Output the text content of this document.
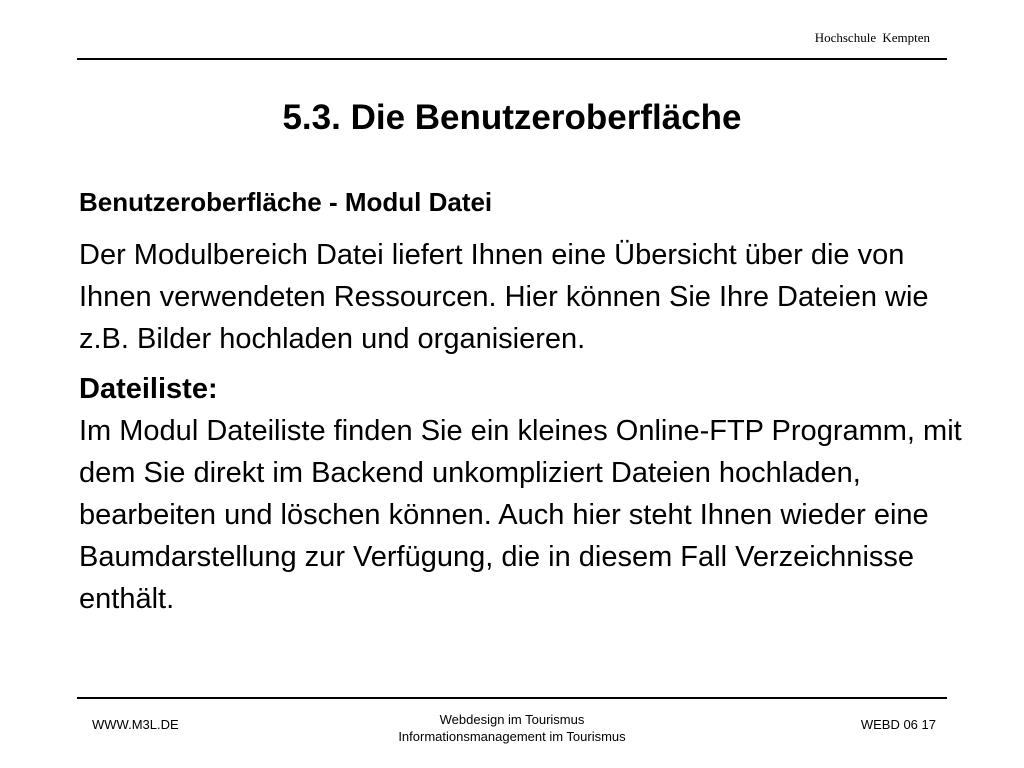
Hochschule Kempten
5.3. Die Benutzeroberfläche

Benutzeroberfläche - Modul Datei

Der Modulbereich Datei liefert Ihnen eine Übersicht über die von Ihnen verwendeten Ressourcen. Hier können Sie Ihre Dateien wie z.B. Bilder hochladen und organisieren.

Dateiliste:

Im Modul Dateiliste finden Sie ein kleines Online-FTP Programm, mit dem Sie direkt im Backend unkompliziert Dateien hochladen, bearbeiten und löschen können. Auch hier steht Ihnen wieder eine Baumdarstellung zur Verfügung, die in diesem Fall Verzeichnisse enthält.

WWW.M3L.DE	Webdesign im Tourismus
Informationsmanagement im Tourismus
WEBD 06 17
